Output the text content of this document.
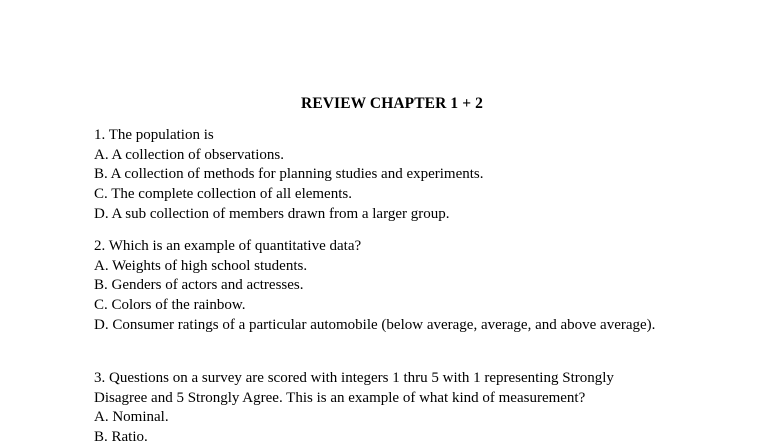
REVIEW CHAPTER 1 + 2
1. The population is
A. A collection of observations.
B. A collection of methods for planning studies and experiments.
C. The complete collection of all elements.
D. A sub collection of members drawn from a larger group.
2. Which is an example of quantitative data?
A. Weights of high school students.
B. Genders of actors and actresses.
C. Colors of the rainbow.
D. Consumer ratings of a particular automobile (below average, average, and above average).
3. Questions on a survey are scored with integers 1 thru 5 with 1 representing Strongly
Disagree and 5 Strongly Agree. This is an example of what kind of measurement?
A. Nominal.
B. Ratio.
